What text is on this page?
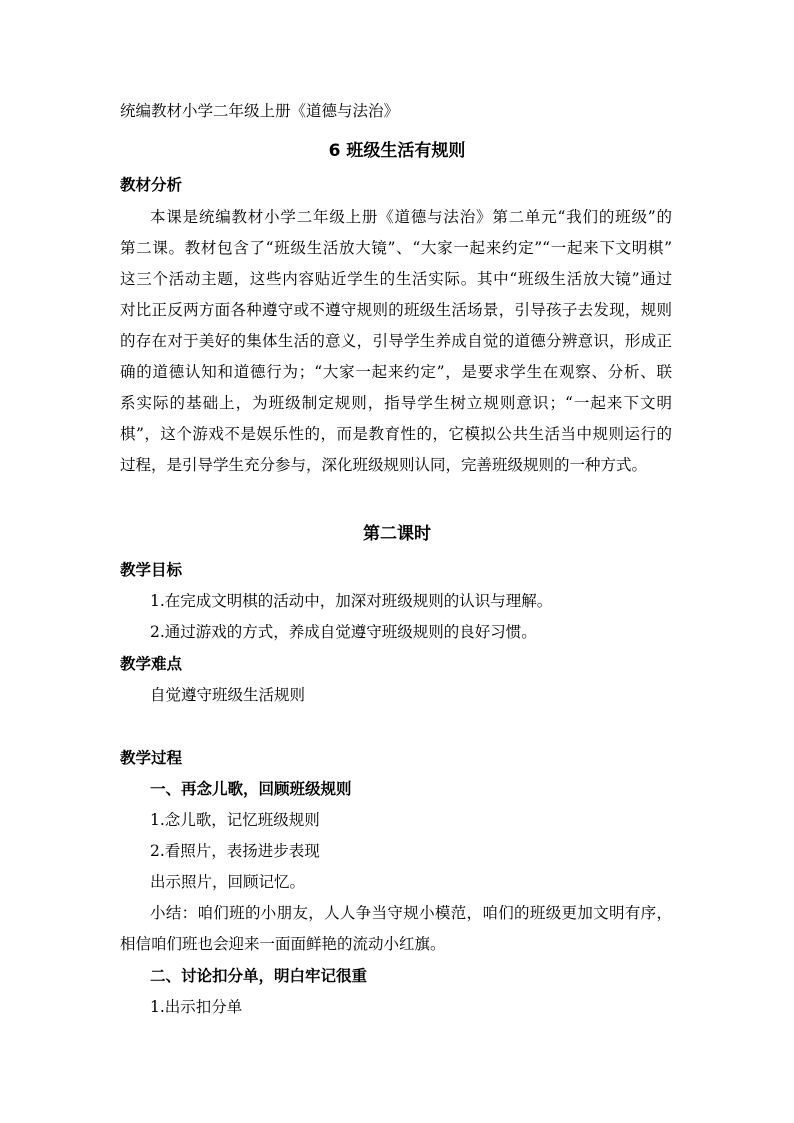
统编教材小学二年级上册《道德与法治》
6 班级生活有规则
教材分析
本课是统编教材小学二年级上册《道德与法治》第二单元“我们的班级”的
第二课。教材包含了“班级生活放大镜”、“大家一起来约定”“一起来下文明棋”
这三个活动主题，这些内容贴近学生的生活实际。其中“班级生活放大镜”通过
对比正反两方面各种遵守或不遵守规则的班级生活场景，引导孩子去发现，规则
的存在对于美好的集体生活的意义，引导学生养成自觉的道德分辨意识，形成正
确的道德认知和道德行为；“大家一起来约定”，是要求学生在观察、分析、联
系实际的基础上，为班级制定规则，指导学生树立规则意识；“一起来下文明
棋”，这个游戏不是娱乐性的，而是教育性的，它模拟公共生活当中规则运行的
过程，是引导学生充分参与，深化班级规则认同，完善班级规则的一种方式。
第二课时
教学目标
1.在完成文明棋的活动中，加深对班级规则的认识与理解。
2.通过游戏的方式，养成自觉遵守班级规则的良好习惯。
教学难点
自觉遵守班级生活规则
教学过程
一、再念儿歌，回顾班级规则
1.念儿歌，记忆班级规则
2.看照片，表扬进步表现
出示照片，回顾记忆。
小结：咱们班的小朋友，人人争当守规小模范，咱们的班级更加文明有序，
相信咱们班也会迎来一面面鲜艳的流动小红旗。
二、讨论扣分单，明白牢记很重
1.出示扣分单
